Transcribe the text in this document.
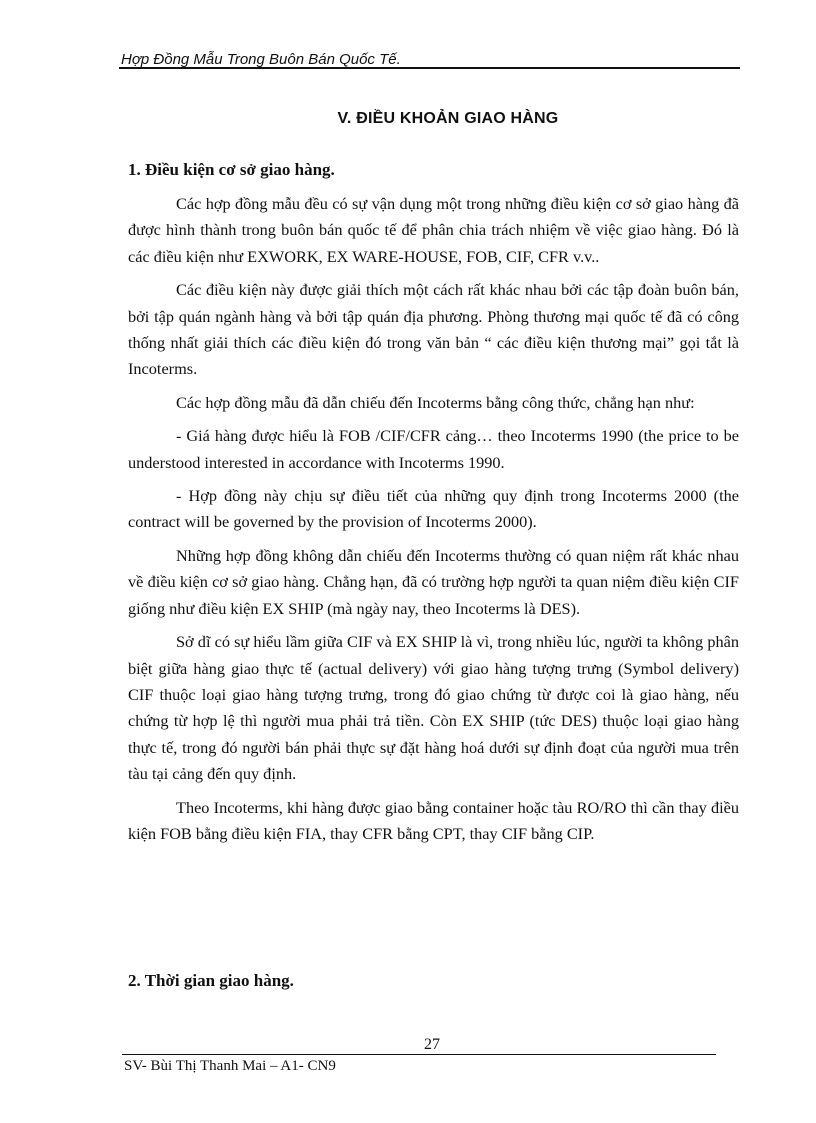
Hợp Đồng Mẫu Trong Buôn Bán Quốc Tế.
V. ĐIỀU KHOẢN GIAO HÀNG
1. Điều kiện cơ sở giao hàng.

Các hợp đồng mẫu đều có sự vận dụng một trong những điều kiện cơ sở giao hàng đã được hình thành trong buôn bán quốc tế để phân chia trách nhiệm về việc giao hàng. Đó là các điều kiện như EXWORK, EX WARE-HOUSE, FOB, CIF, CFR v.v..

Các điều kiện này được giải thích một cách rất khác nhau bởi các tập đoàn buôn bán, bởi tập quán ngành hàng và bởi tập quán địa phương. Phòng thương mại quốc tế đã có công thống nhất giải thích các điều kiện đó trong văn bản “ các điều kiện thương mại” gọi tắt là Incoterms.

Các hợp đồng mẫu đã dẫn chiếu đến Incoterms bằng công thức, chẳng hạn như:

- Giá hàng được hiểu là FOB /CIF/CFR cảng… theo Incoterms 1990 (the price to be understood interested in accordance with Incoterms 1990.

- Hợp đồng này chịu sự điều tiết của những quy định trong Incoterms 2000 (the contract will be governed by the provision of Incoterms 2000).

Những hợp đồng không dẫn chiếu đến Incoterms thường có quan niệm rất khác nhau về điều kiện cơ sở giao hàng. Chẳng hạn, đã có trường hợp người ta quan niệm điều kiện CIF giống như điều kiện EX SHIP (mà ngày nay, theo Incoterms là DES).

Sở dĩ có sự hiểu lầm giữa CIF và EX SHIP là vì, trong nhiều lúc, người ta không phân biệt giữa hàng giao thực tế (actual delivery) với giao hàng tượng trưng (Symbol delivery) CIF thuộc loại giao hàng tượng trưng, trong đó giao chứng từ được coi là giao hàng, nếu chứng từ hợp lệ thì người mua phải trả tiền. Còn EX SHIP (tức DES) thuộc loại giao hàng thực tế, trong đó người bán phải thực sự đặt hàng hoá dưới sự định đoạt của người mua trên tàu tại cảng đến quy định.

Theo Incoterms, khi hàng được giao bằng container hoặc tàu RO/RO thì cần thay điều kiện FOB bằng điều kiện FIA, thay CFR bằng CPT, thay CIF bằng CIP.

2. Thời gian giao hàng.
27
SV- Bùi Thị Thanh Mai – A1- CN9
